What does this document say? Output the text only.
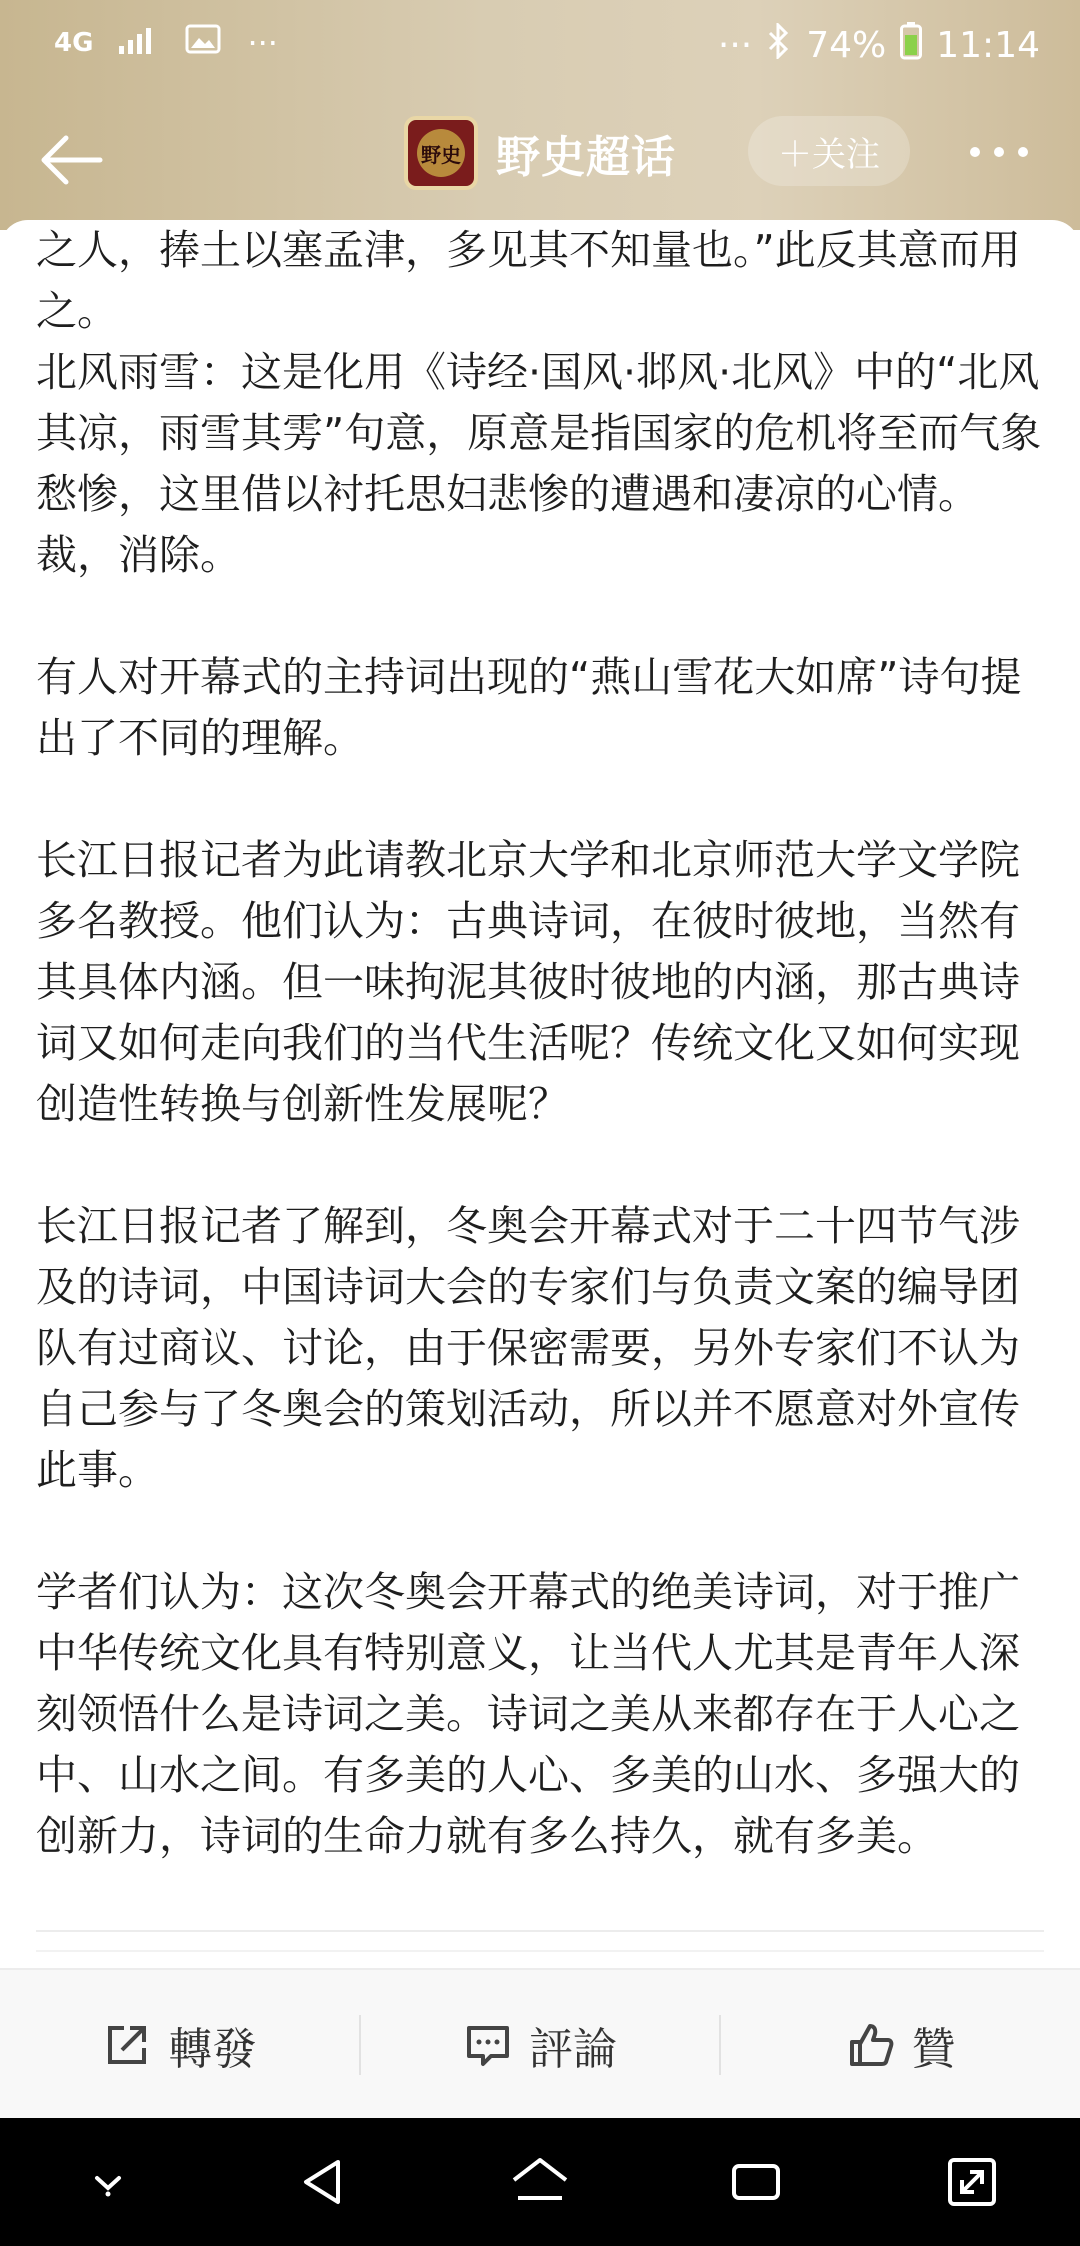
4G	···	··· 74% 11:14
野史 野史超话	＋关注

之人，捧土以塞孟津，多见其不知量也。”此反其意而用之。

北风雨雪：这是化用《诗经·国风·邶风·北风》中的“北风其凉，雨雪其雱”句意，原意是指国家的危机将至而气象愁惨，这里借以衬托思妇悲惨的遭遇和凄凉的心情。裁，消除。

有人对开幕式的主持词出现的“燕山雪花大如席”诗句提出了不同的理解。

长江日报记者为此请教北京大学和北京师范大学文学院多名教授。他们认为：古典诗词，在彼时彼地，当然有其具体内涵。但一味拘泥其彼时彼地的内涵，那古典诗词又如何走向我们的当代生活呢？传统文化又如何实现创造性转换与创新性发展呢？

长江日报记者了解到，冬奥会开幕式对于二十四节气涉及的诗词，中国诗词大会的专家们与负责文案的编导团队有过商议、讨论，由于保密需要，另外专家们不认为自己参与了冬奥会的策划活动，所以并不愿意对外宣传此事。

学者们认为：这次冬奥会开幕式的绝美诗词，对于推广中华传统文化具有特别意义，让当代人尤其是青年人深刻领悟什么是诗词之美。诗词之美从来都存在于人心之中、山水之间。有多美的人心、多美的山水、多强大的创新力，诗词的生命力就有多么持久，就有多美。

轉發	評論	贊
